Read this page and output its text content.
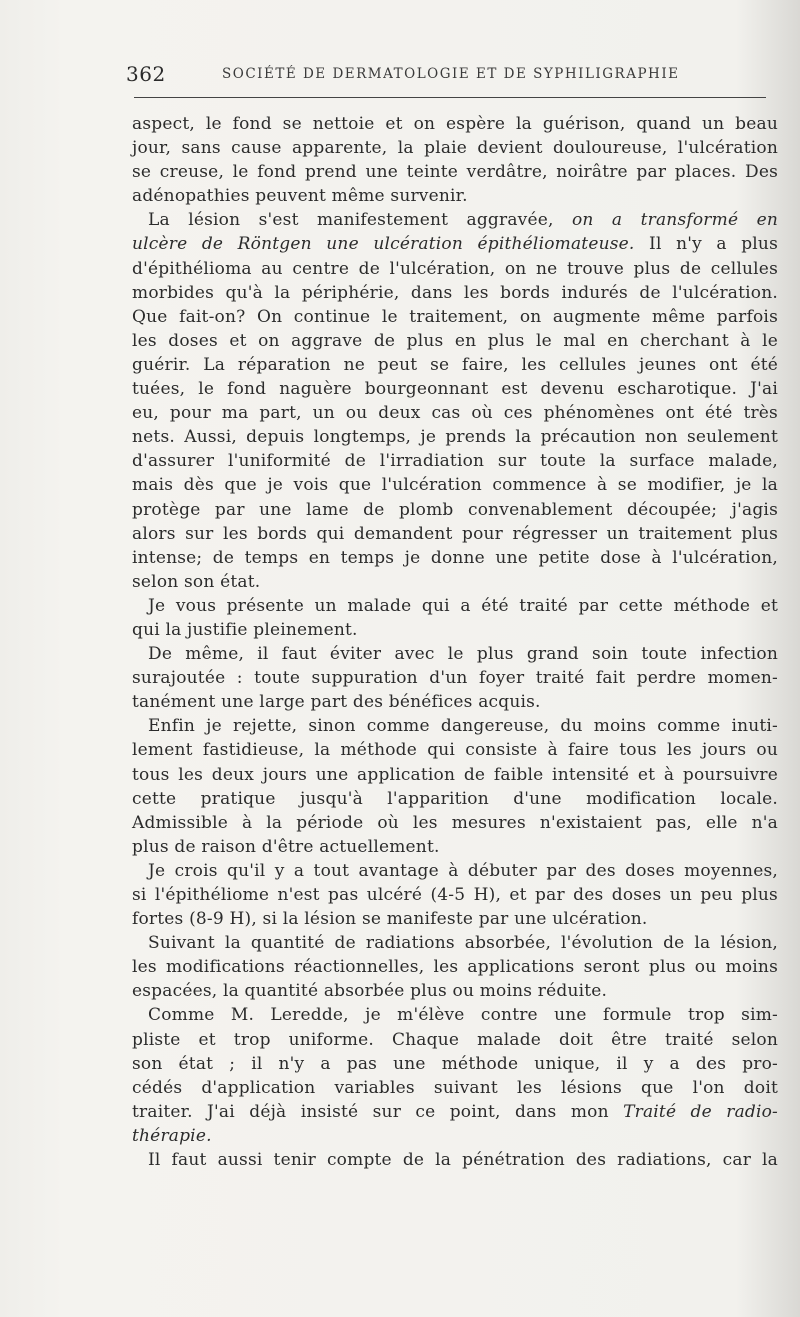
362	SOCIÉTÉ DE DERMATOLOGIE ET DE SYPHILIGRAPHIE

aspect, le fond se nettoie et on espère la guérison, quand un beau
jour, sans cause apparente, la plaie devient douloureuse, l'ulcération
se creuse, le fond prend une teinte verdâtre, noirâtre par places. Des
adénopathies peuvent même survenir.

La lésion s'est manifestement aggravée, on a transformé en
ulcère de Röntgen une ulcération épithéliomateuse. Il n'y a plus
d'épithélioma au centre de l'ulcération, on ne trouve plus de cellules
morbides qu'à la périphérie, dans les bords indurés de l'ulcération.
Que fait-on? On continue le traitement, on augmente même parfois
les doses et on aggrave de plus en plus le mal en cherchant à le
guérir. La réparation ne peut se faire, les cellules jeunes ont été
tuées, le fond naguère bourgeonnant est devenu escharotique. J'ai
eu, pour ma part, un ou deux cas où ces phénomènes ont été très
nets. Aussi, depuis longtemps, je prends la précaution non seulement
d'assurer l'uniformité de l'irradiation sur toute la surface malade,
mais dès que je vois que l'ulcération commence à se modifier, je la
protège par une lame de plomb convenablement découpée; j'agis
alors sur les bords qui demandent pour régresser un traitement plus
intense; de temps en temps je donne une petite dose à l'ulcération,
selon son état.

Je vous présente un malade qui a été traité par cette méthode et
qui la justifie pleinement.

De même, il faut éviter avec le plus grand soin toute infection
surajoutée : toute suppuration d'un foyer traité fait perdre momen-
tanément une large part des bénéfices acquis.

Enfin je rejette, sinon comme dangereuse, du moins comme inuti-
lement fastidieuse, la méthode qui consiste à faire tous les jours ou
tous les deux jours une application de faible intensité et à poursuivre
cette pratique jusqu'à l'apparition d'une modification locale.
Admissible à la période où les mesures n'existaient pas, elle n'a
plus de raison d'être actuellement.

Je crois qu'il y a tout avantage à débuter par des doses moyennes,
si l'épithéliome n'est pas ulcéré (4-5 H), et par des doses un peu plus
fortes (8-9 H), si la lésion se manifeste par une ulcération.

Suivant la quantité de radiations absorbée, l'évolution de la lésion,
les modifications réactionnelles, les applications seront plus ou moins
espacées, la quantité absorbée plus ou moins réduite.

Comme M. Leredde, je m'élève contre une formule trop sim-
pliste et trop uniforme. Chaque malade doit être traité selon
son état ; il n'y a pas une méthode unique, il y a des pro-
cédés d'application variables suivant les lésions que l'on doit
traiter. J'ai déjà insisté sur ce point, dans mon Traité de radio-
thérapie.

Il faut aussi tenir compte de la pénétration des radiations, car la
